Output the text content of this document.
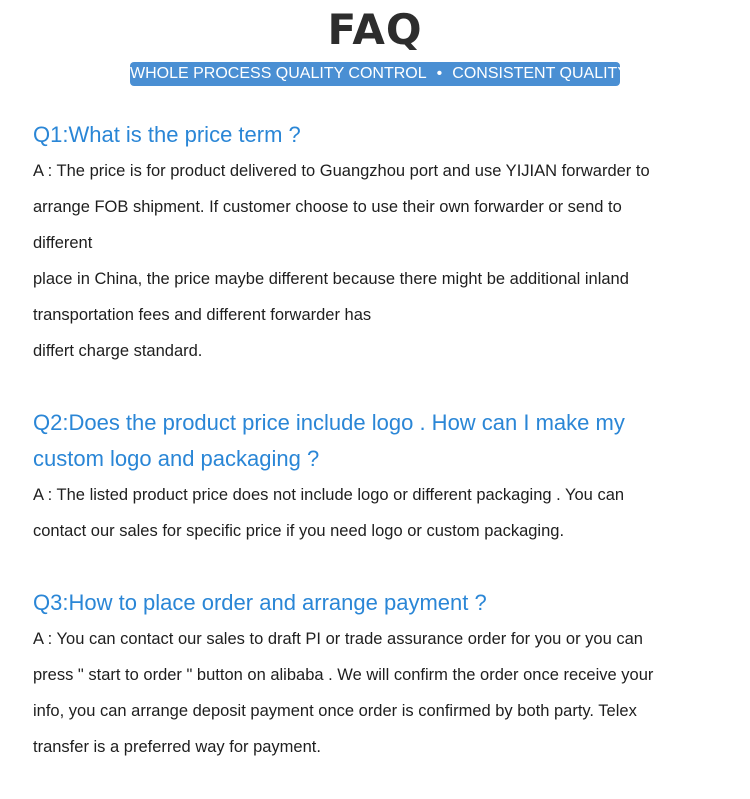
FAQ
WHOLE PROCESS QUALITY CONTROL • CONSISTENT QUALITY
Q1:What is the price term ?

A : The price is for product delivered to Guangzhou port and use YIJIAN forwarder to
arrange FOB shipment. If customer choose to use their own forwarder or send to
different
place in China, the price maybe different because there might be additional inland
transportation fees and different forwarder has
differt charge standard.

Q2:Does the product price include logo . How can I make my
custom logo and packaging ?

A : The listed product price does not include logo or different packaging . You can
contact our sales for specific price if you need logo or custom packaging.

Q3:How to place order and arrange payment ?

A : You can contact our sales to draft PI or trade assurance order for you or you can
press " start to order " button on alibaba . We will confirm the order once receive your
info, you can arrange deposit payment once order is confirmed by both party. Telex
transfer is a preferred way for payment.
